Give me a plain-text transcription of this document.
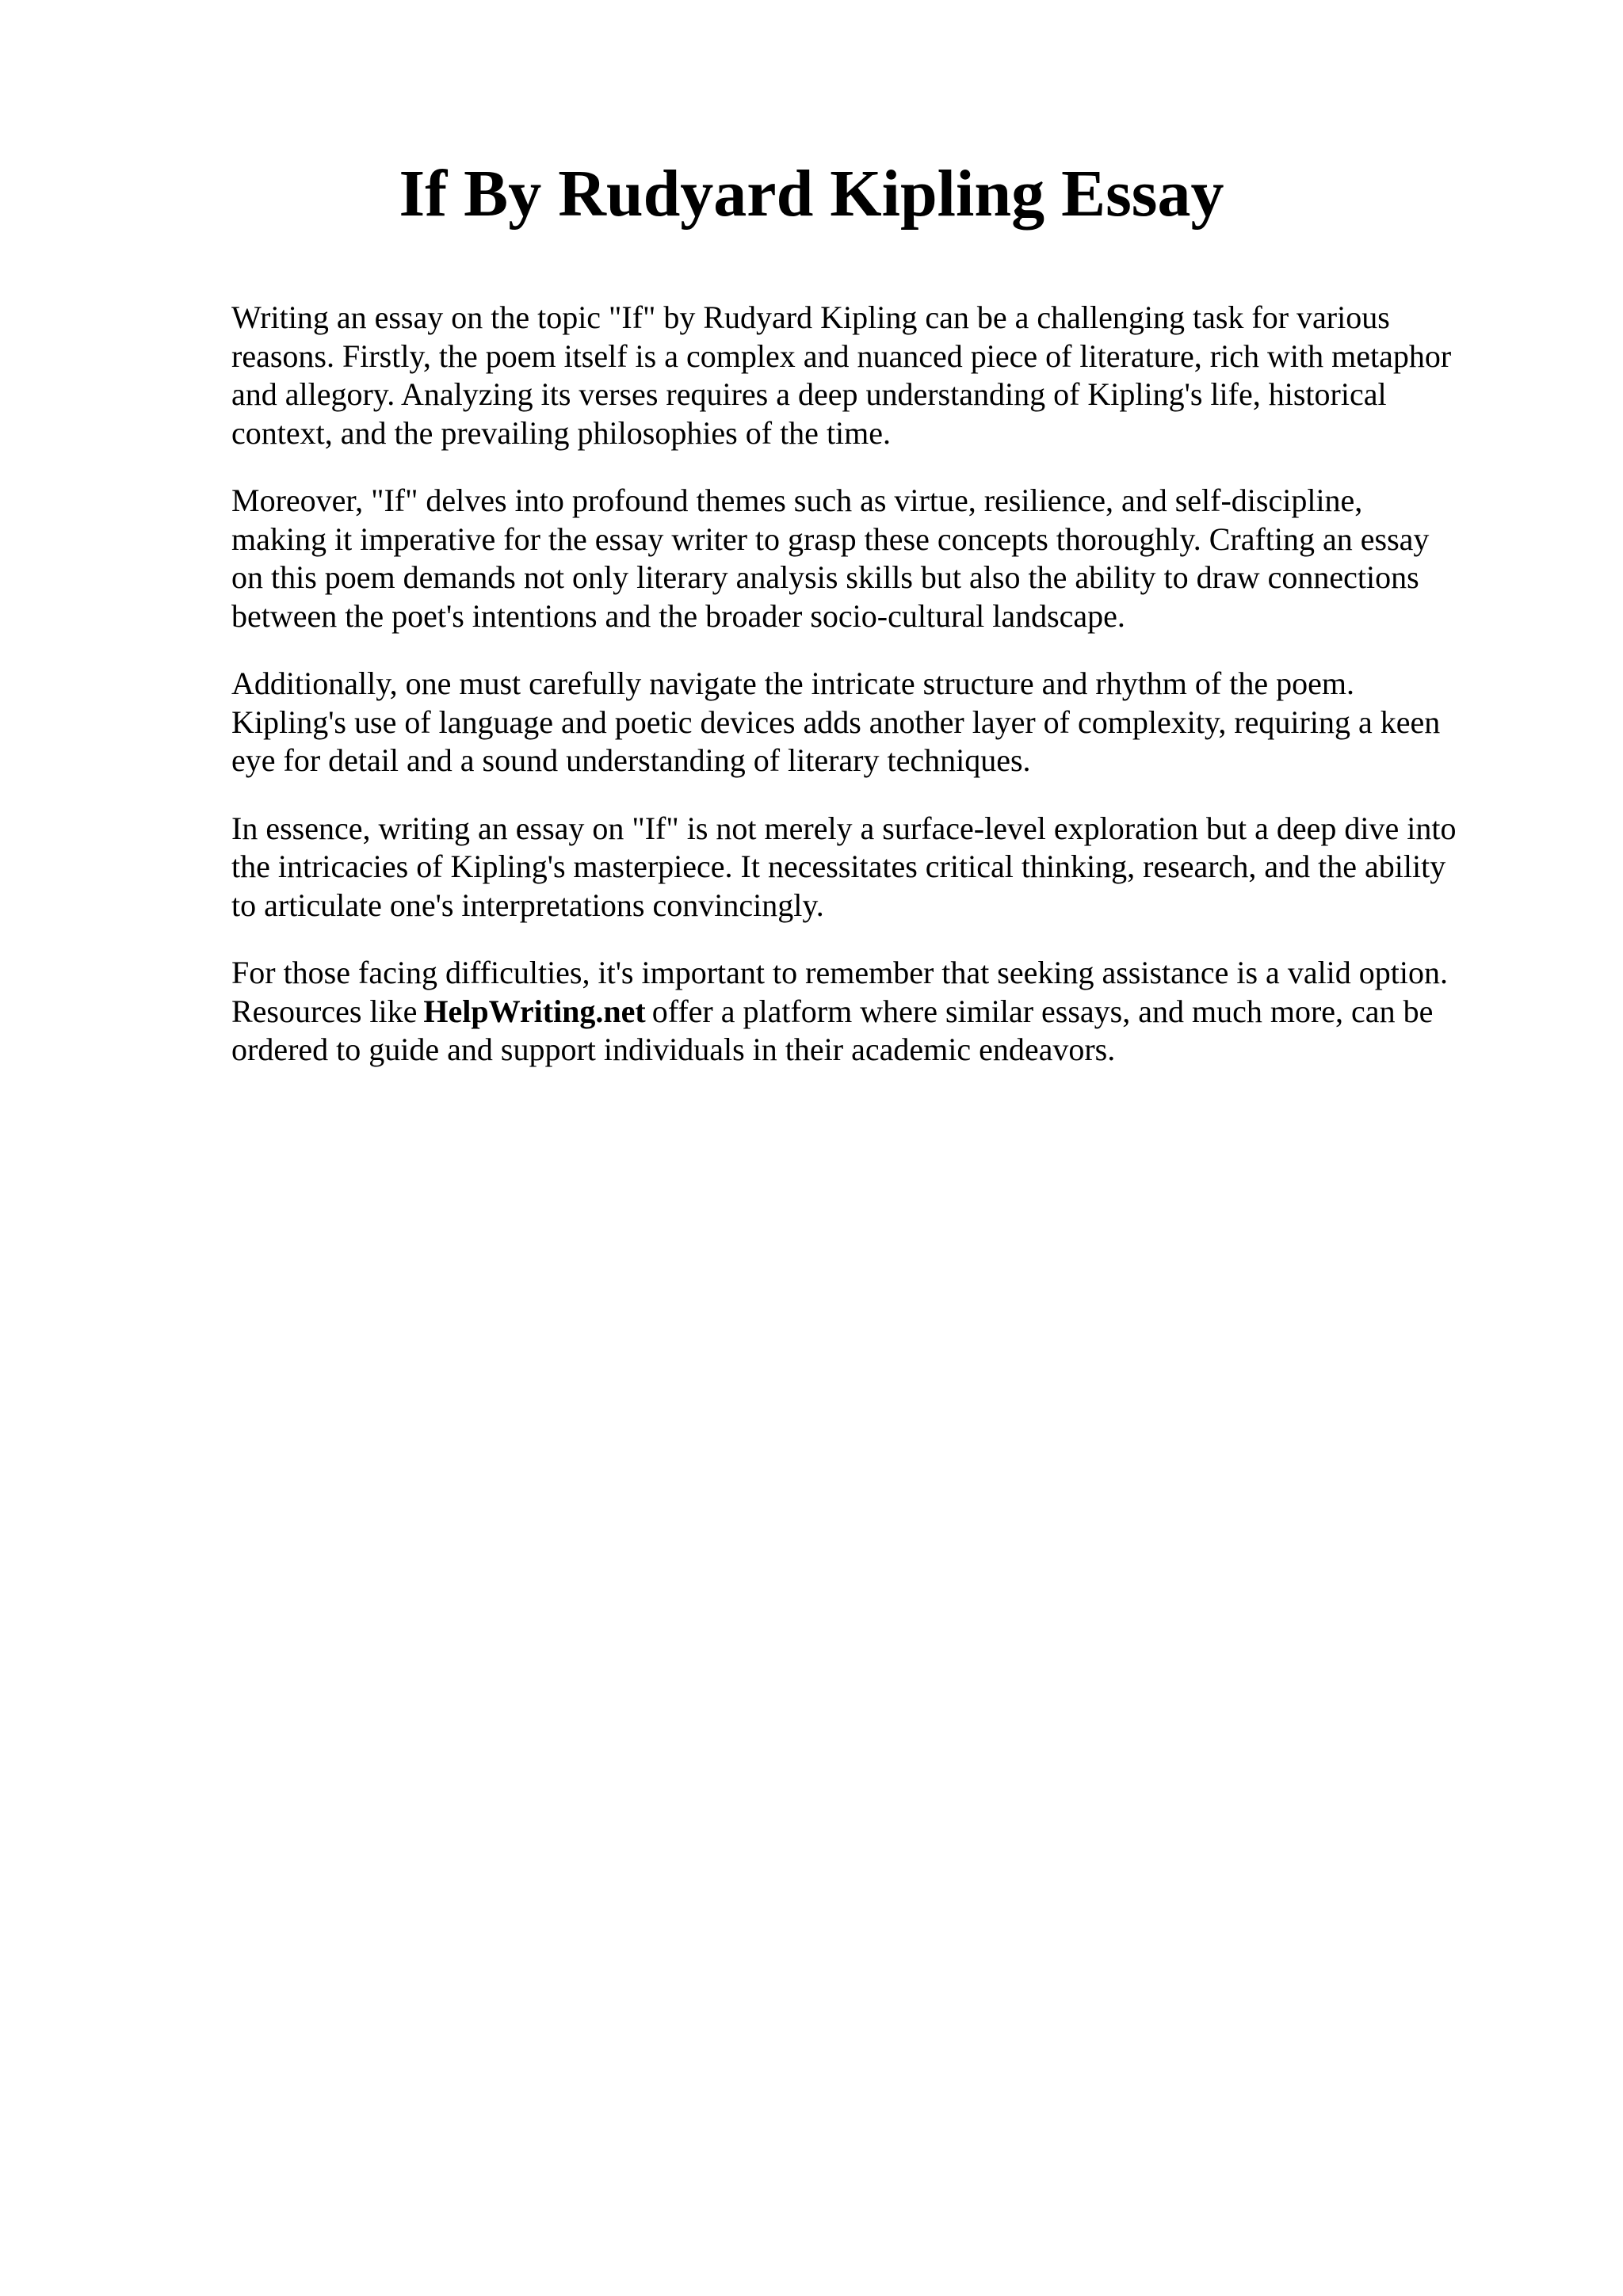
If By Rudyard Kipling Essay

Writing an essay on the topic "If" by Rudyard Kipling can be a challenging task for various
reasons. Firstly, the poem itself is a complex and nuanced piece of literature, rich with metaphor
and allegory. Analyzing its verses requires a deep understanding of Kipling's life, historical
context, and the prevailing philosophies of the time.

Moreover, "If" delves into profound themes such as virtue, resilience, and self-discipline,
making it imperative for the essay writer to grasp these concepts thoroughly. Crafting an essay
on this poem demands not only literary analysis skills but also the ability to draw connections
between the poet's intentions and the broader socio-cultural landscape.

Additionally, one must carefully navigate the intricate structure and rhythm of the poem.
Kipling's use of language and poetic devices adds another layer of complexity, requiring a keen
eye for detail and a sound understanding of literary techniques.

In essence, writing an essay on "If" is not merely a surface-level exploration but a deep dive into
the intricacies of Kipling's masterpiece. It necessitates critical thinking, research, and the ability
to articulate one's interpretations convincingly.

For those facing difficulties, it's important to remember that seeking assistance is a valid option.
Resources like HelpWriting.net offer a platform where similar essays, and much more, can be
ordered to guide and support individuals in their academic endeavors.
